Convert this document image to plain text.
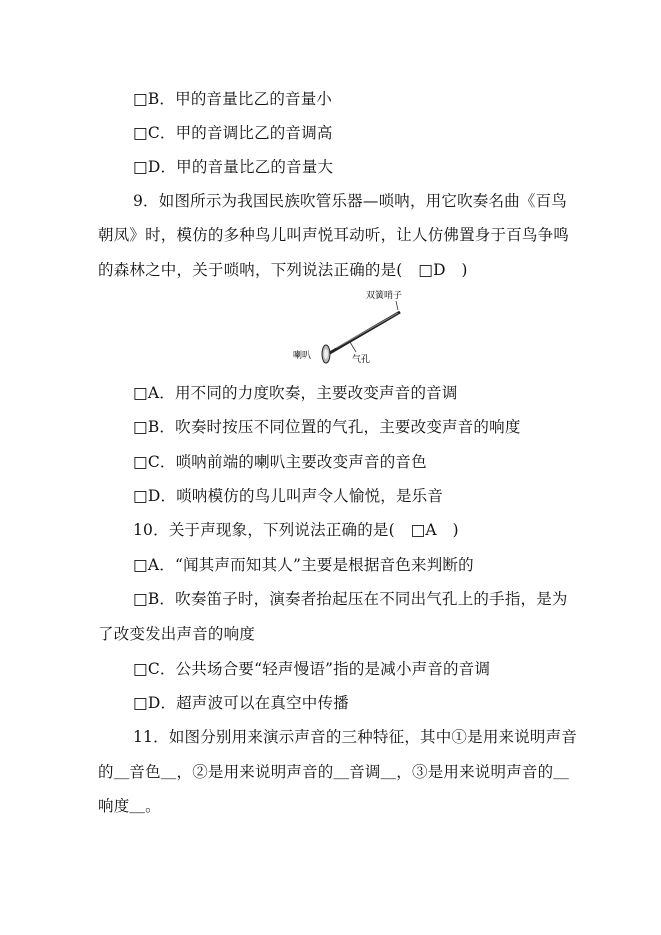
□B．甲的音量比乙的音量小
□C．甲的音调比乙的音调高
□D．甲的音量比乙的音量大
9．如图所示为我国民族吹管乐器—唢呐，用它吹奏名曲《百鸟
朝凤》时，模仿的多种鸟儿叫声悦耳动听，让人仿佛置身于百鸟争鸣
的森林之中，关于唢呐，下列说法正确的是(　□D　)
双簧哨子
喇叭	气孔
□A．用不同的力度吹奏，主要改变声音的音调
□B．吹奏时按压不同位置的气孔，主要改变声音的响度
□C．唢呐前端的喇叭主要改变声音的音色
□D．唢呐模仿的鸟儿叫声令人愉悦，是乐音
10．关于声现象，下列说法正确的是(　□A　)
□A．“闻其声而知其人”主要是根据音色来判断的
□B．吹奏笛子时，演奏者抬起压在不同出气孔上的手指，是为
了改变发出声音的响度
□C．公共场合要“轻声慢语”指的是减小声音的音调
□D．超声波可以在真空中传播
11．如图分别用来演示声音的三种特征，其中①是用来说明声音
的＿音色＿，②是用来说明声音的＿音调＿，③是用来说明声音的＿
响度＿。
